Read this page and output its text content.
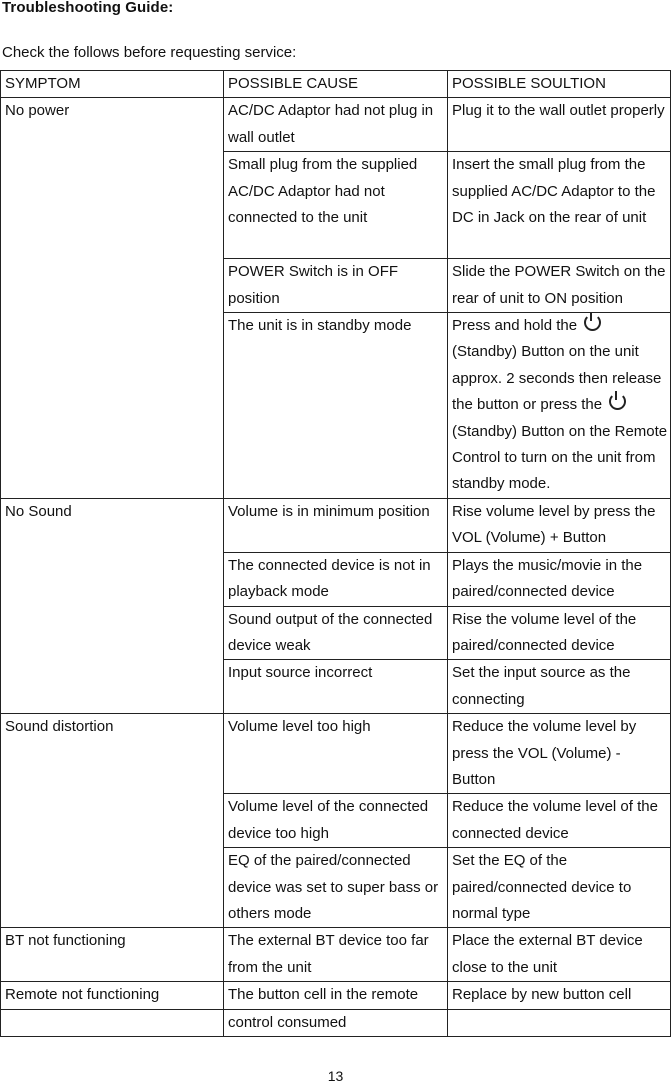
Troubleshooting Guide:
Check the follows before requesting service:
SYMPTOM	POSSIBLE CAUSE	POSSIBLE SOULTION
No power	AC/DC Adaptor had not plug in wall outlet	Plug it to the wall outlet properly
	Small plug from the supplied AC/DC Adaptor had not connected to the unit	Insert the small plug from the supplied AC/DC Adaptor to the DC in Jack on the rear of unit
	POWER Switch is in OFF position	Slide the POWER Switch on the rear of unit to ON position
	The unit is in standby mode	Press and hold the(Standby) Button on the unit approx. 2 seconds then release the button or press the(Standby) Button on the Remote Control to turn on the unit from standby mode.
No Sound	Volume is in minimum position	Rise volume level by press the VOL (Volume) + Button
	The connected device is not in playback mode	Plays the music/movie in the paired/connected device
	Sound output of the connected device weak	Rise the volume level of the paired/connected device
	Input source incorrect	Set the input source as the connecting
Sound distortion	Volume level too high	Reduce the volume level by press the VOL (Volume) - Button
	Volume level of the connected device too high	Reduce the volume level of the connected device
	EQ of the paired/connected device was set to super bass or others mode	Set the EQ of the paired/connected device to normal type
BT not functioning	The external BT device too far from the unit	Place the external BT device close to the unit
Remote not functioning	The button cell in the remote	Replace by new button cell
	control consumed	
13
